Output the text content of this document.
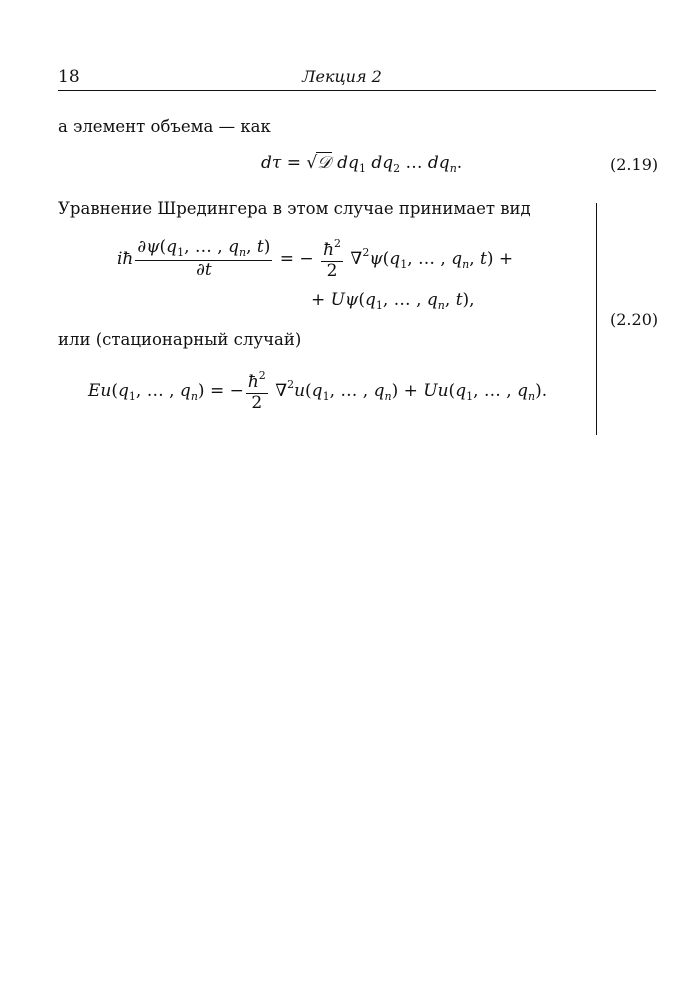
18	Лекция 2
а элемент объема — как
dτ = √𝒟 $dq_1$ $dq_2$ … $dq_n$.	(2.19)
Уравнение Шредингера в этом случае принимает вид
iħ $\frac{\partial\psi(q_1, \dots , q_n, t)}{\partial t}$ = − $\frac{ħ^2}{2} \nabla^2\psi(q_1$, … , $q_n$, t) +
+ $U\psi(q_1$, … , $q_n$, t),
(2.20)
или (стационарный случай)
$Eu(q_1$, … , $q_n$) = − $\frac{ħ^2}{2} \nabla^2u(q_1$, … , $q_n) + Uu(q_1$, … , $q_n$).
